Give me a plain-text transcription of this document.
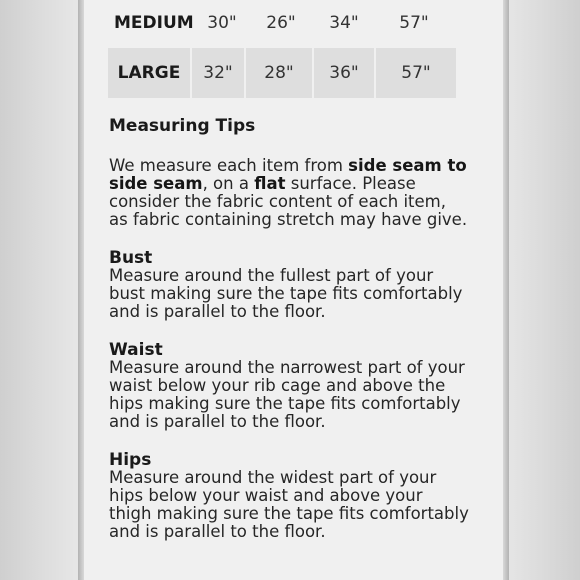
MEDIUM 30"	26"	34"	57"
LARGE	32"	28"	36"	57"

Measuring Tips

We measure each item from side seam to side seam, on a flat surface. Please consider the fabric content of each item, as fabric containing stretch may have give.

Bust

Measure around the fullest part of your bust making sure the tape fits comfortably and is parallel to the floor.

Waist

Measure around the narrowest part of your waist below your rib cage and above the hips making sure the tape fits comfortably and is parallel to the floor.

Hips

Measure around the widest part of your hips below your waist and above your thigh making sure the tape fits comfortably and is parallel to the floor.
